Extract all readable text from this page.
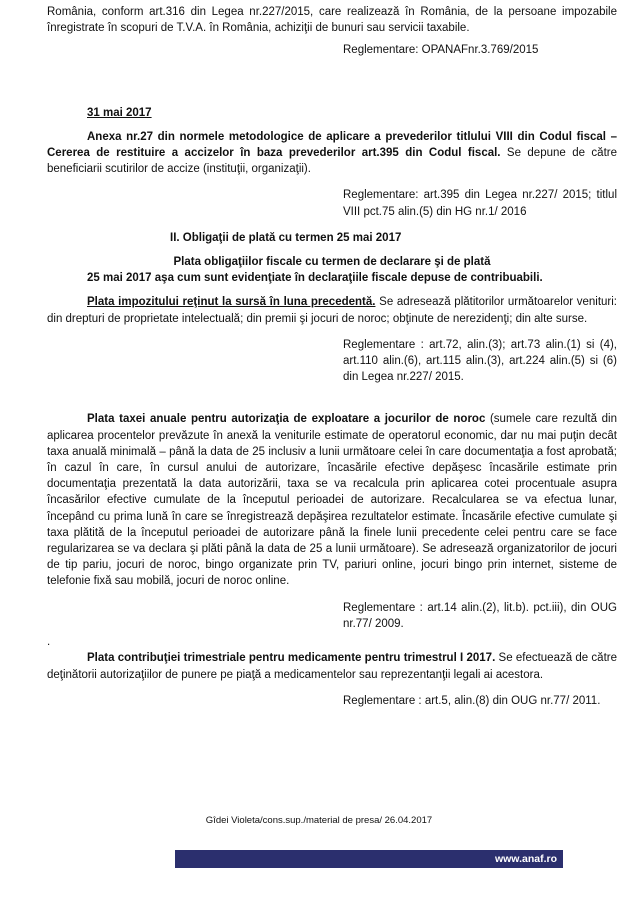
România, conform art.316 din Legea nr.227/2015, care realizează în România, de la persoane impozabile înregistrate în scopuri de T.V.A. în România, achiziţii de bunuri sau servicii taxabile.

Reglementare: OPANAFnr.3.769/2015

31 mai 2017

Anexa nr.27 din normele metodologice de aplicare a prevederilor titlului VIII din Codul fiscal – Cererea de restituire a accizelor în baza prevederilor art.395 din Codul fiscal. Se depune de către beneficiarii scutirilor de accize (instituţii, organizaţii).

Reglementare: art.395 din Legea nr.227/ 2015; titlul VIII pct.75 alin.(5) din HG nr.1/ 2016

II. Obligaţii de plată cu termen 25 mai 2017

Plata obligaţiilor fiscale cu termen de declarare şi de plată

25 mai 2017 aşa cum sunt evidenţiate în declaraţiile fiscale depuse de contribuabili.

Plata impozitului reţinut la sursă în luna precedentă. Se adresează plătitorilor următoarelor venituri: din drepturi de proprietate intelectuală; din premii şi jocuri de noroc; obţinute de nerezidenţi; din alte surse.

Reglementare : art.72, alin.(3); art.73 alin.(1) si (4), art.110 alin.(6), art.115 alin.(3), art.224 alin.(5) si (6) din Legea nr.227/ 2015.

Plata taxei anuale pentru autorizaţia de exploatare a jocurilor de noroc (sumele care rezultă din aplicarea procentelor prevăzute în anexă la veniturile estimate de operatorul economic, dar nu mai puţin decât taxa anuală minimală – până la data de 25 inclusiv a lunii următoare celei în care documentaţia a fost aprobată; în cazul în care, în cursul anului de autorizare, încasările efective depăşesc încasările estimate prin documentaţia prezentată la data autorizării, taxa se va recalcula prin aplicarea cotei procentuale asupra încasărilor efective cumulate de la începutul perioadei de autorizare. Recalcularea se va efectua lunar, începând cu prima lună în care se înregistrează depăşirea rezultatelor estimate. Încasările efective cumulate şi taxa plătită de la începutul perioadei de autorizare până la finele lunii precedente celei pentru care se face regularizarea se va declara şi plăti până la data de 25 a lunii următoare). Se adresează organizatorilor de jocuri de tip pariu, jocuri de noroc, bingo organizate prin TV, pariuri online, jocuri bingo prin internet, sisteme de telefonie fixă sau mobilă, jocuri de noroc online.

Reglementare : art.14 alin.(2), lit.b). pct.iii), din OUG nr.77/ 2009.

.

Plata contribuţiei trimestriale pentru medicamente pentru trimestrul I 2017. Se efectuează de către deţinătorii autorizaţiilor de punere pe piaţă a medicamentelor sau reprezentanţii legali ai acestora.

Reglementare : art.5, alin.(8) din OUG nr.77/ 2011.

Gîdei Violeta/cons.sup./material de presa/ 26.04.2017
www.anaf.ro
